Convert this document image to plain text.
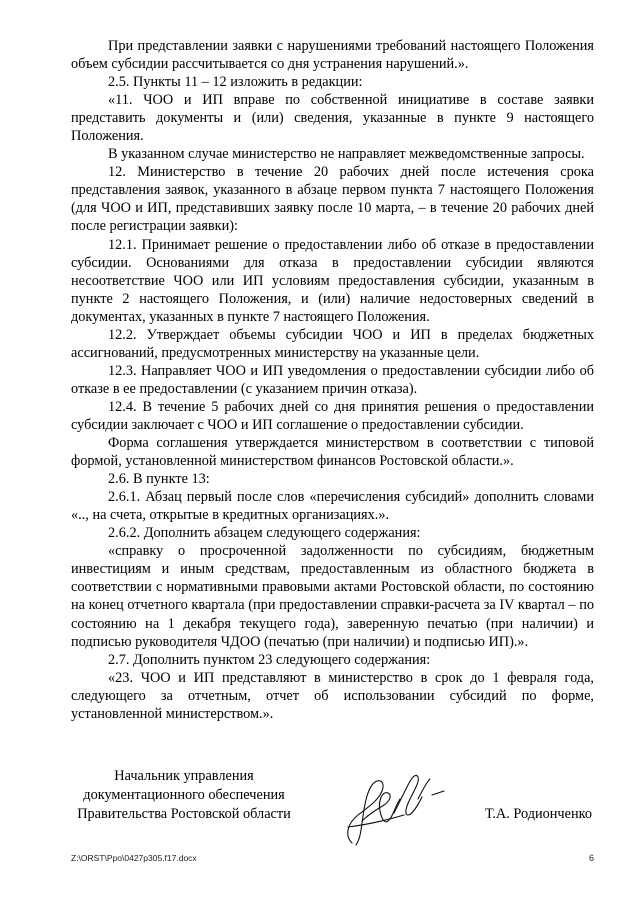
При представлении заявки с нарушениями требований настоящего Положения объем субсидии рассчитывается со дня устранения нарушений.».

2.5. Пункты 11 – 12 изложить в редакции:

«11. ЧОО и ИП вправе по собственной инициативе в составе заявки представить документы и (или) сведения, указанные в пункте 9 настоящего Положения.

В указанном случае министерство не направляет межведомственные запросы.

12. Министерство в течение 20 рабочих дней после истечения срока представления заявок, указанного в абзаце первом пункта 7 настоящего Положения (для ЧОО и ИП, представивших заявку после 10 марта, – в течение 20 рабочих дней после регистрации заявки):

12.1. Принимает решение о предоставлении либо об отказе в предоставлении субсидии. Основаниями для отказа в предоставлении субсидии являются несоответствие ЧОО или ИП условиям предоставления субсидии, указанным в пункте 2 настоящего Положения, и (или) наличие недостоверных сведений в документах, указанных в пункте 7 настоящего Положения.

12.2. Утверждает объемы субсидии ЧОО и ИП в пределах бюджетных ассигнований, предусмотренных министерству на указанные цели.

12.3. Направляет ЧОО и ИП уведомления о предоставлении субсидии либо об отказе в ее предоставлении (с указанием причин отказа).

12.4. В течение 5 рабочих дней со дня принятия решения о предоставлении субсидии заключает с ЧОО и ИП соглашение о предоставлении субсидии.

Форма соглашения утверждается министерством в соответствии с типовой формой, установленной министерством финансов Ростовской области.».

2.6. В пункте 13:

2.6.1. Абзац первый после слов «перечисления субсидий» дополнить словами «.., на счета, открытые в кредитных организациях.».

2.6.2. Дополнить абзацем следующего содержания:

«справку о просроченной задолженности по субсидиям, бюджетным инвестициям и иным средствам, предоставленным из областного бюджета в соответствии с нормативными правовыми актами Ростовской области, по состоянию на конец отчетного квартала (при предоставлении справки-расчета за IV квартал – по состоянию на 1 декабря текущего года), заверенную печатью (при наличии) и подписью руководителя ЧДОО (печатью (при наличии) и подписью ИП).».

2.7. Дополнить пунктом 23 следующего содержания:

«23. ЧОО и ИП представляют в министерство в срок до 1 февраля года, следующего за отчетным, отчет об использовании субсидий по форме, установленной министерством.».

Начальник управления
документационного обеспечения
Правительства Ростовской области	Т.А. Родионченко
Z:\ORST\Ppo\0427p305.f17.docx	6
